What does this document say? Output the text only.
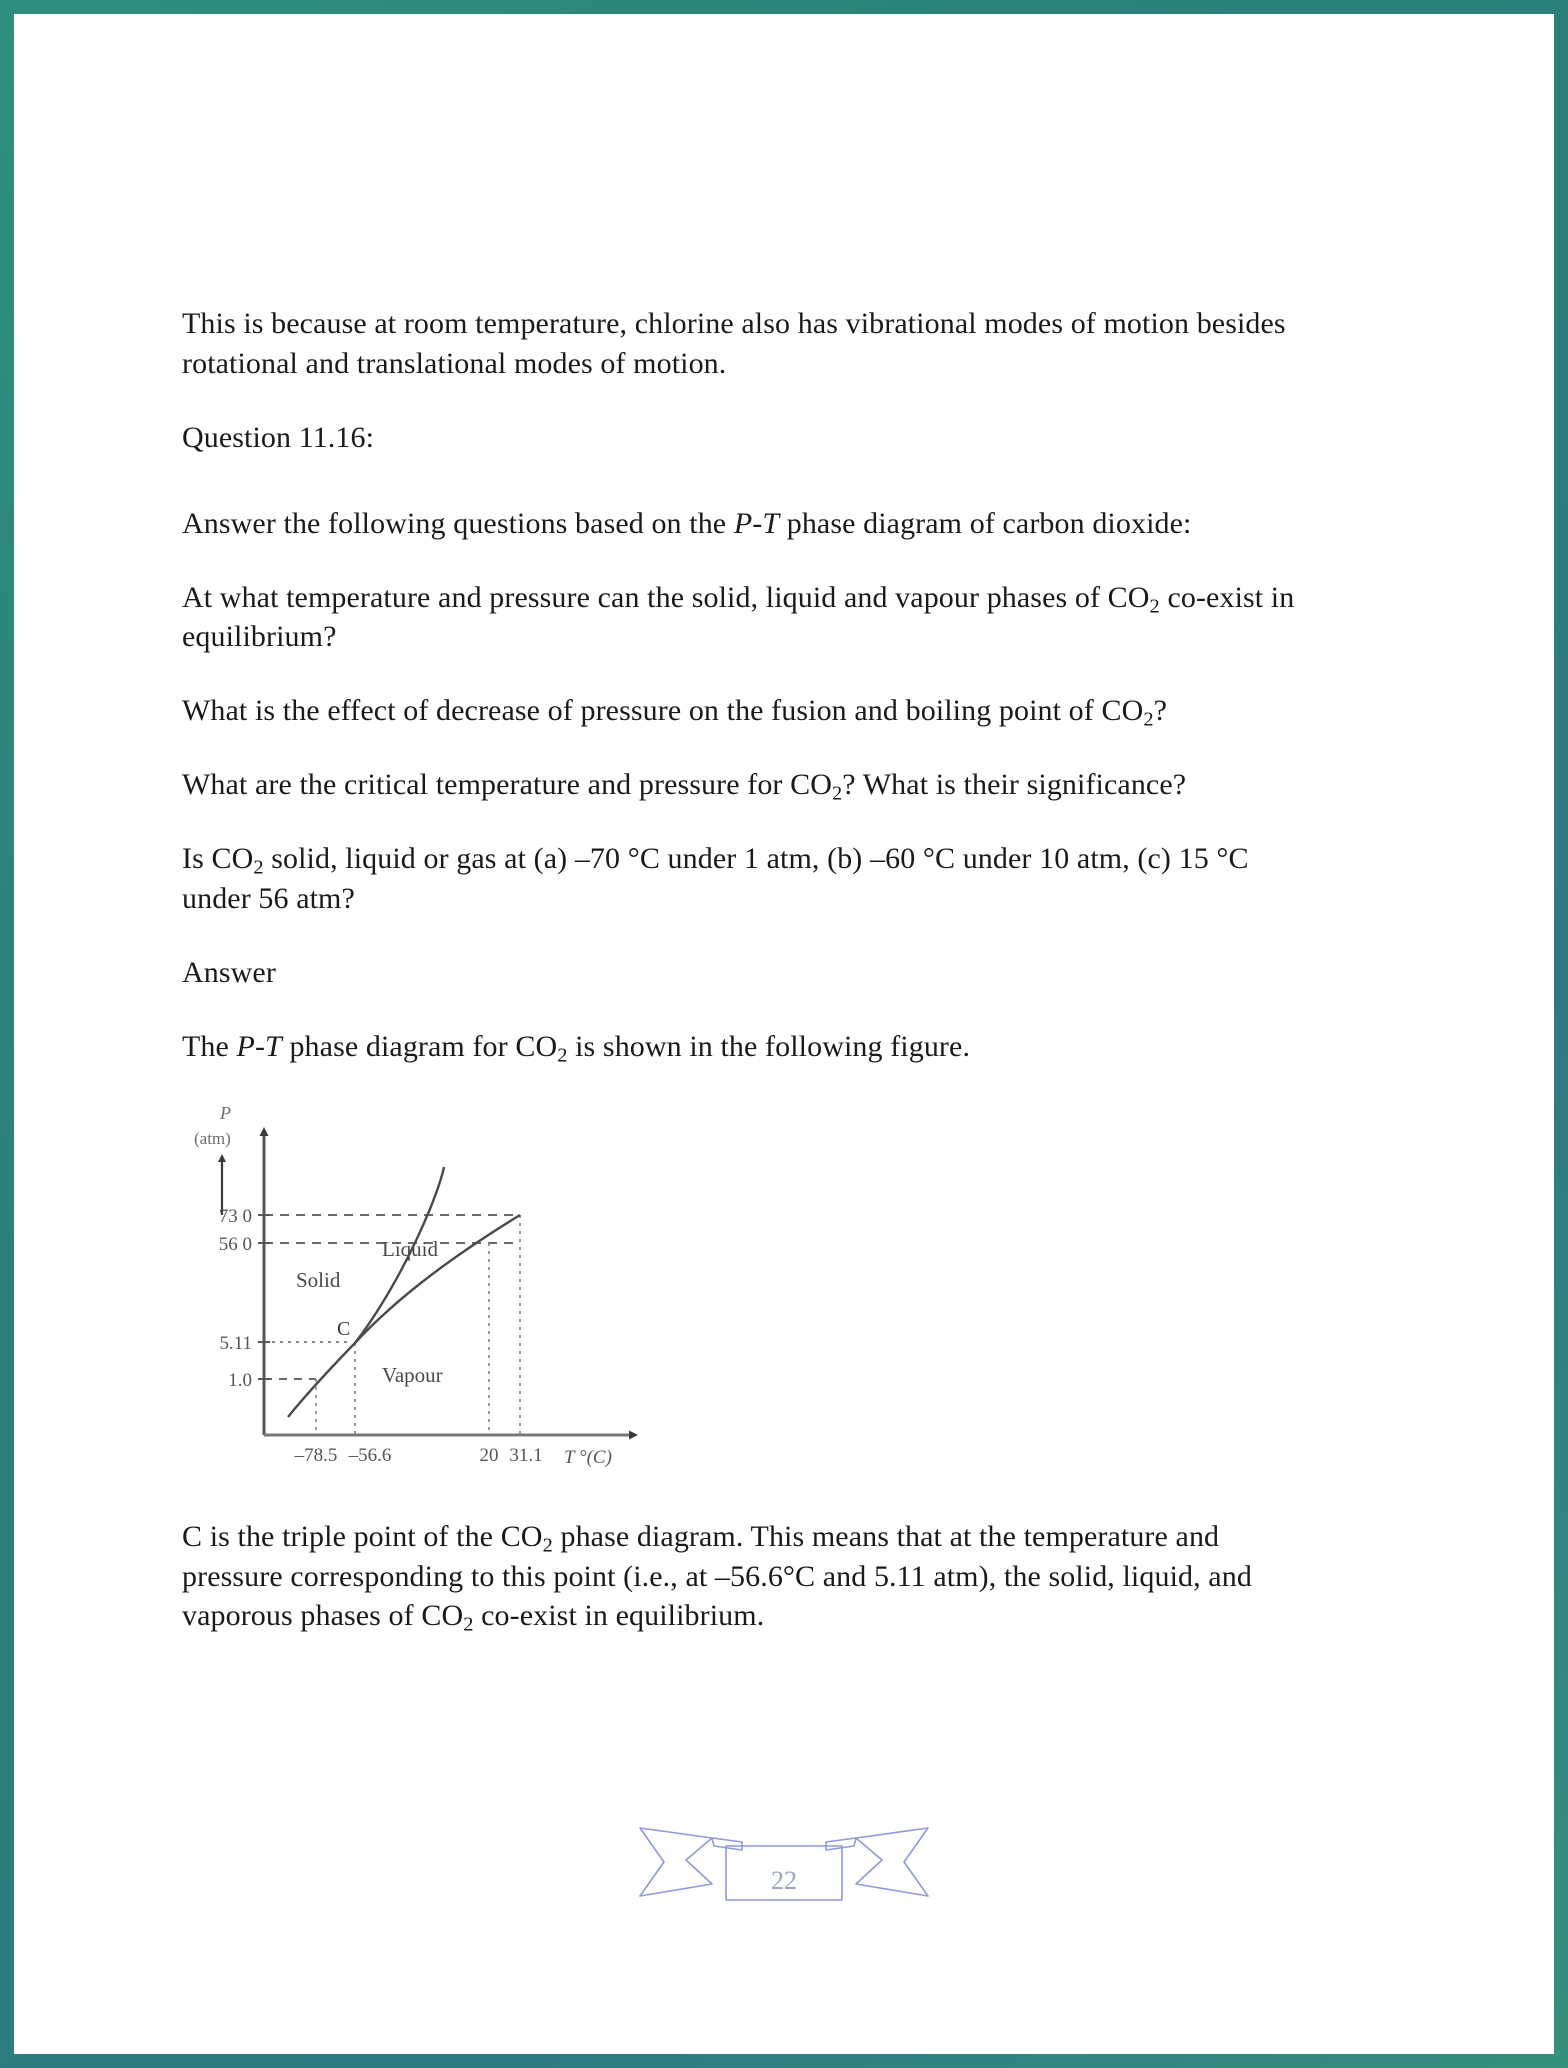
This is because at room temperature, chlorine also has vibrational modes of motion besides rotational and translational modes of motion.

Question 11.16:

Answer the following questions based on the P-T phase diagram of carbon dioxide:

At what temperature and pressure can the solid, liquid and vapour phases of $CO_2$ co-exist in equilibrium?

What is the effect of decrease of pressure on the fusion and boiling point of $CO_2$?

What are the critical temperature and pressure for $CO_2$? What is their significance?

Is $CO_2$ solid, liquid or gas at (a) –70 °C under 1 atm, (b) –60 °C under 10 atm, (c) 15 °C under 56 atm?

Answer

The P-T phase diagram for $CO_2$ is shown in the following figure.

P
(atm)
Solid
Liquid
Vapour
C
73 0
56 0
5.11
1.0
–78.5 –56.6	20 31.1 T °(C)

C is the triple point of the $CO_2$ phase diagram. This means that at the temperature and pressure corresponding to this point (i.e., at –56.6°C and 5.11 atm), the solid, liquid, and vaporous phases of $CO_2$ co-exist in equilibrium.

22
